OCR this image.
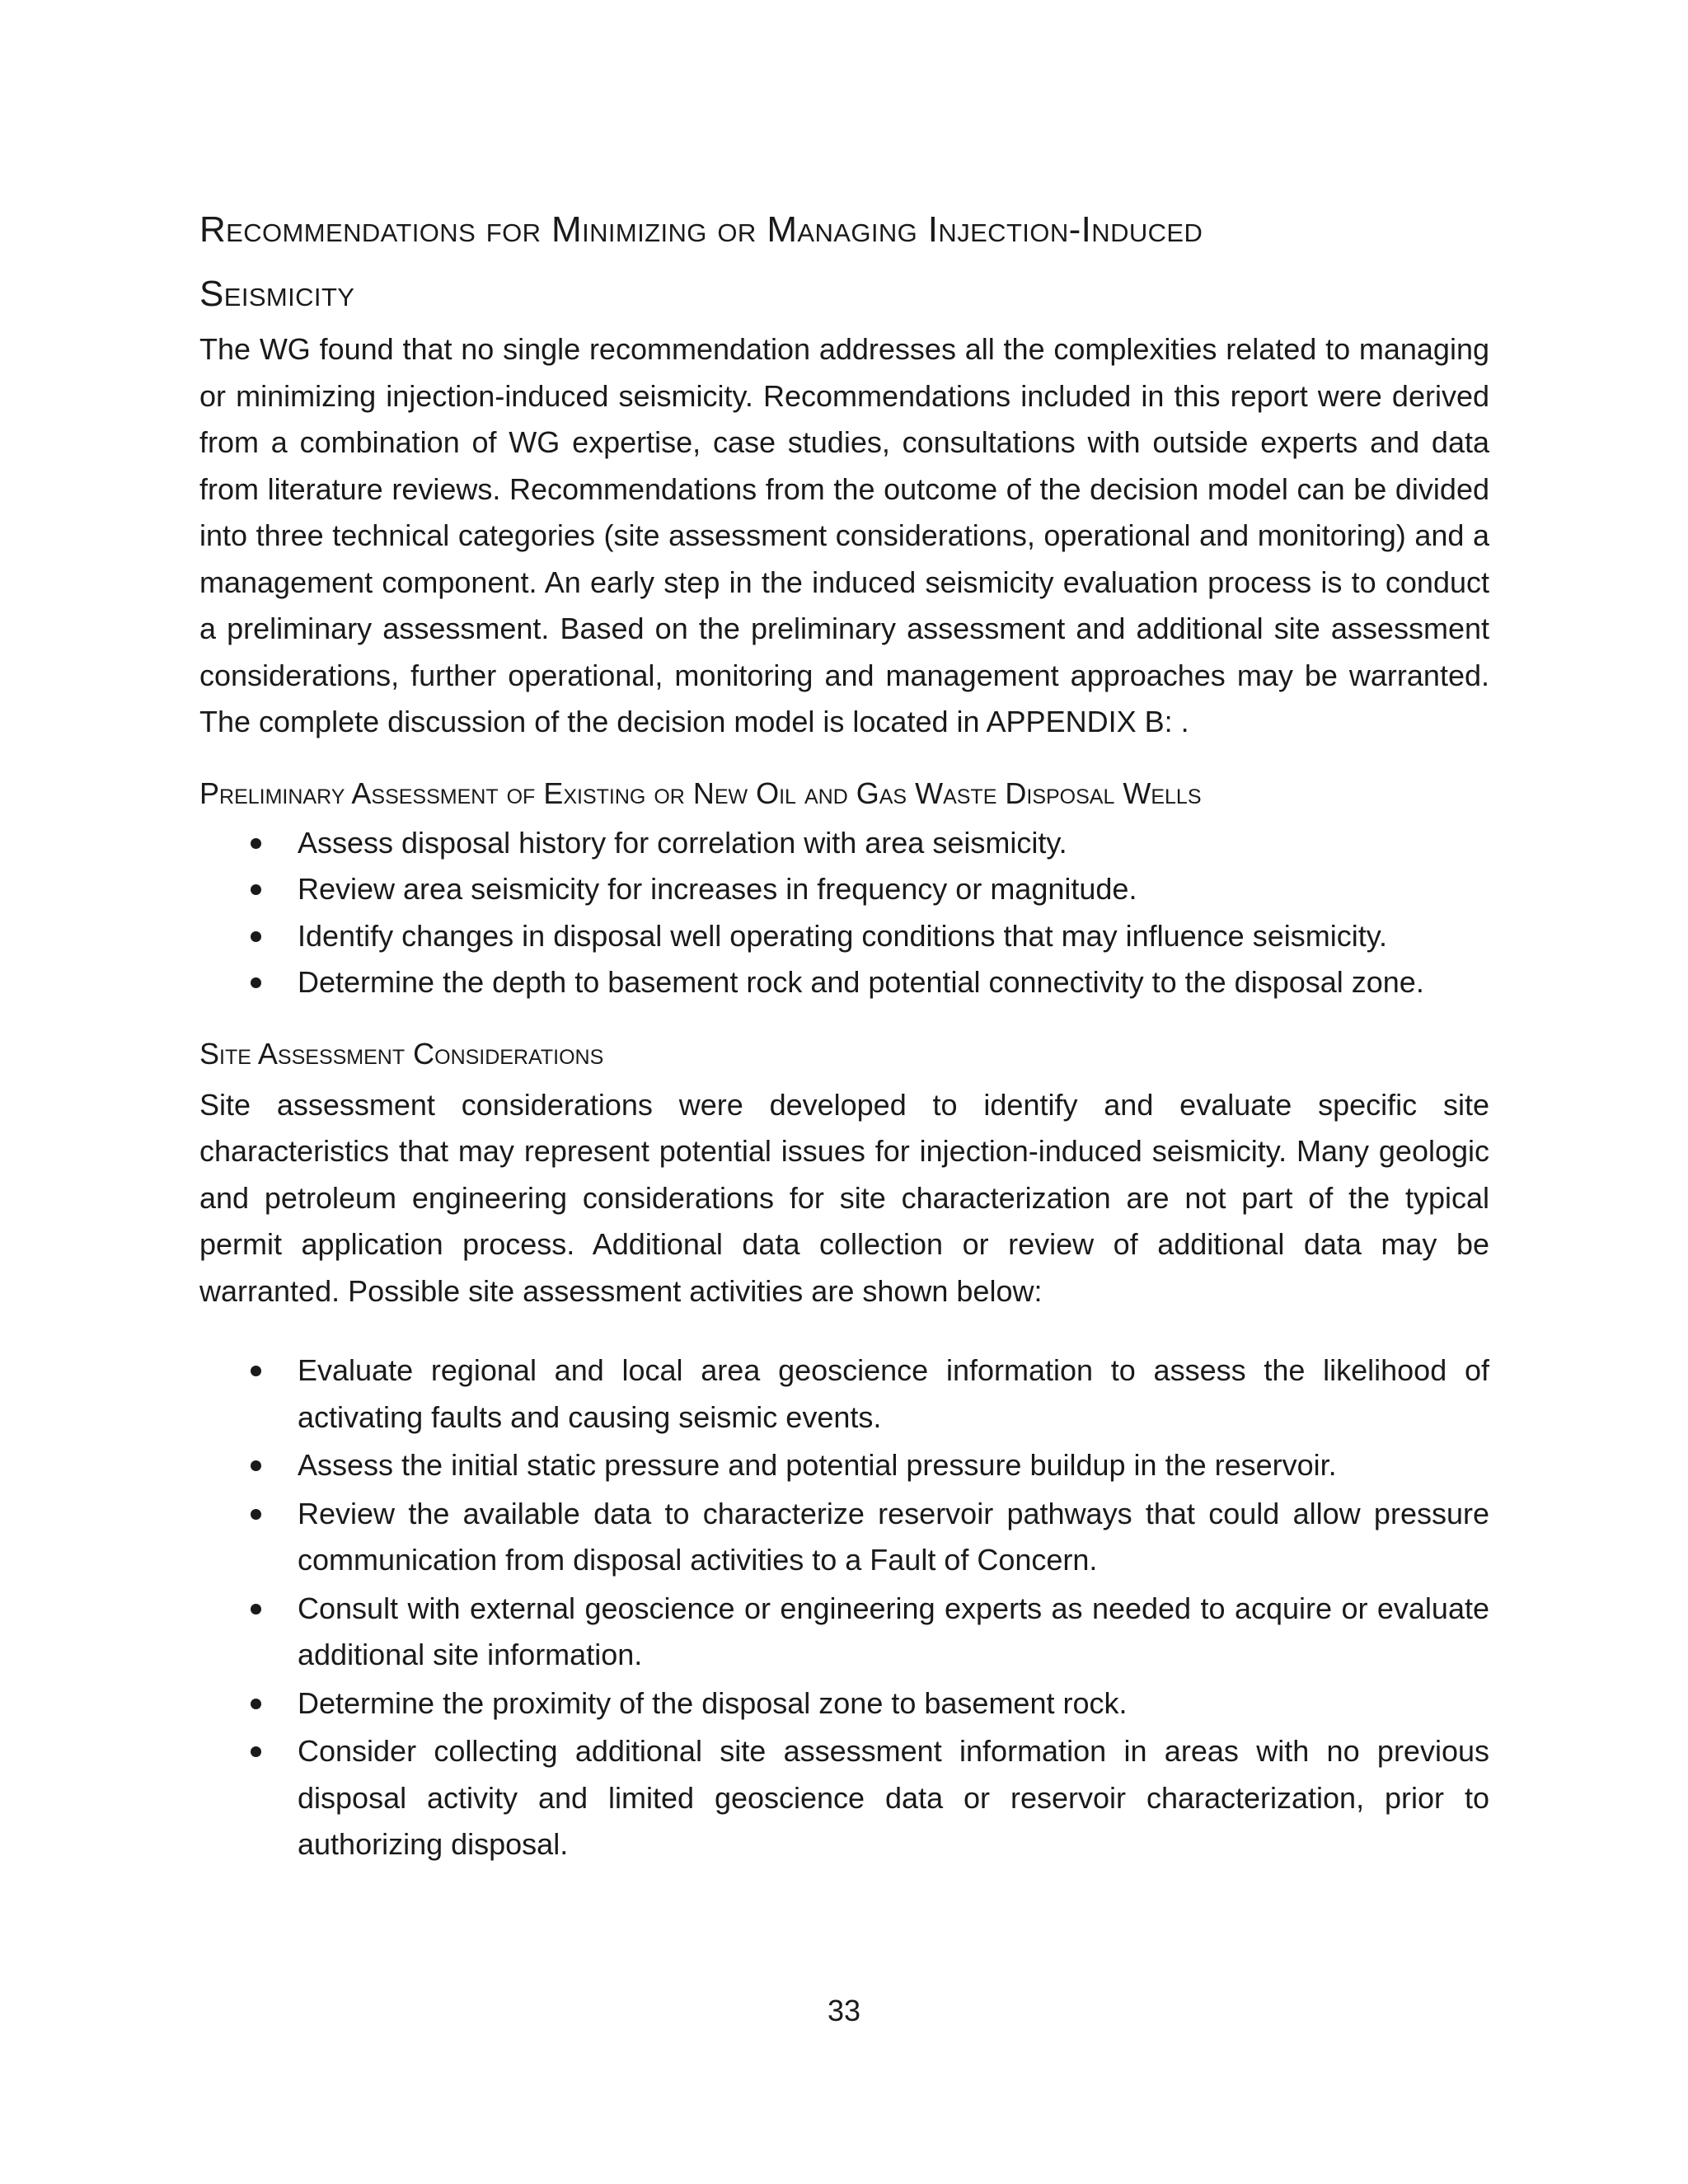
Recommendations for Minimizing or Managing Injection-Induced
Seismicity

The WG found that no single recommendation addresses all the complexities related to managing or minimizing injection-induced seismicity. Recommendations included in this report were derived from a combination of WG expertise, case studies, consultations with outside experts and data from literature reviews. Recommendations from the outcome of the decision model can be divided into three technical categories (site assessment considerations, operational and monitoring) and a management component. An early step in the induced seismicity evaluation process is to conduct a preliminary assessment. Based on the preliminary assessment and additional site assessment considerations, further operational, monitoring and management approaches may be warranted. The complete discussion of the decision model is located in APPENDIX B: .

Preliminary Assessment of Existing or New Oil and Gas Waste Disposal Wells
Assess disposal history for correlation with area seismicity.
Review area seismicity for increases in frequency or magnitude.
Identify changes in disposal well operating conditions that may influence seismicity.
Determine the depth to basement rock and potential connectivity to the disposal zone.
Site Assessment Considerations

Site assessment considerations were developed to identify and evaluate specific site characteristics that may represent potential issues for injection-induced seismicity. Many geologic and petroleum engineering considerations for site characterization are not part of the typical permit application process. Additional data collection or review of additional data may be warranted. Possible site assessment activities are shown below:

Evaluate regional and local area geoscience information to assess the likelihood of activating faults and causing seismic events.
Assess the initial static pressure and potential pressure buildup in the reservoir.
Review the available data to characterize reservoir pathways that could allow pressure communication from disposal activities to a Fault of Concern.
Consult with external geoscience or engineering experts as needed to acquire or evaluate additional site information.
Determine the proximity of the disposal zone to basement rock.
Consider collecting additional site assessment information in areas with no previous disposal activity and limited geoscience data or reservoir characterization, prior to authorizing disposal.
33
